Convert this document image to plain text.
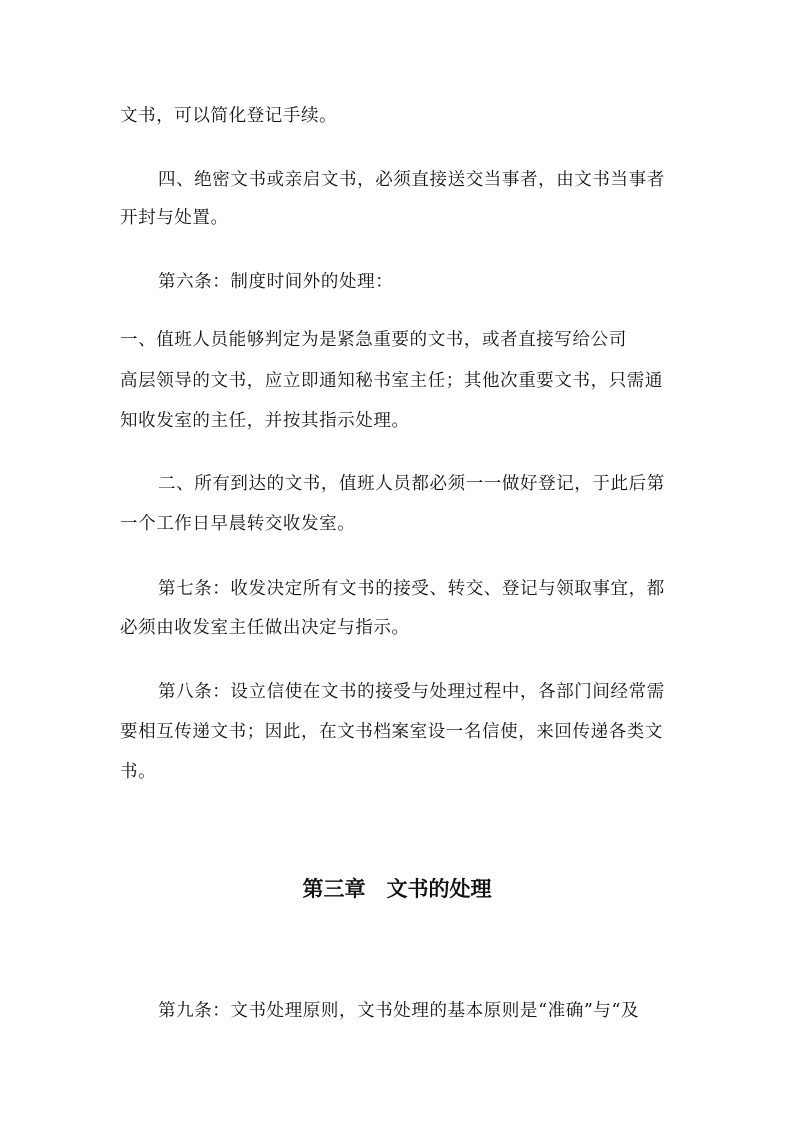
文书，可以简化登记手续。
四、绝密文书或亲启文书，必须直接送交当事者，由文书当事者
开封与处置。
第六条：制度时间外的处理：
一、值班人员能够判定为是紧急重要的文书，或者直接写给公司
高层领导的文书，应立即通知秘书室主任；其他次重要文书，只需通
知收发室的主任，并按其指示处理。
二、所有到达的文书，值班人员都必须一一做好登记，于此后第
一个工作日早晨转交收发室。
第七条：收发决定所有文书的接受、转交、登记与领取事宜，都
必须由收发室主任做出决定与指示。
第八条：设立信使在文书的接受与处理过程中，各部门间经常需
要相互传递文书；因此，在文书档案室设一名信使，来回传递各类文
书。
第三章　文书的处理
第九条：文书处理原则，文书处理的基本原则是“准确”与“及
